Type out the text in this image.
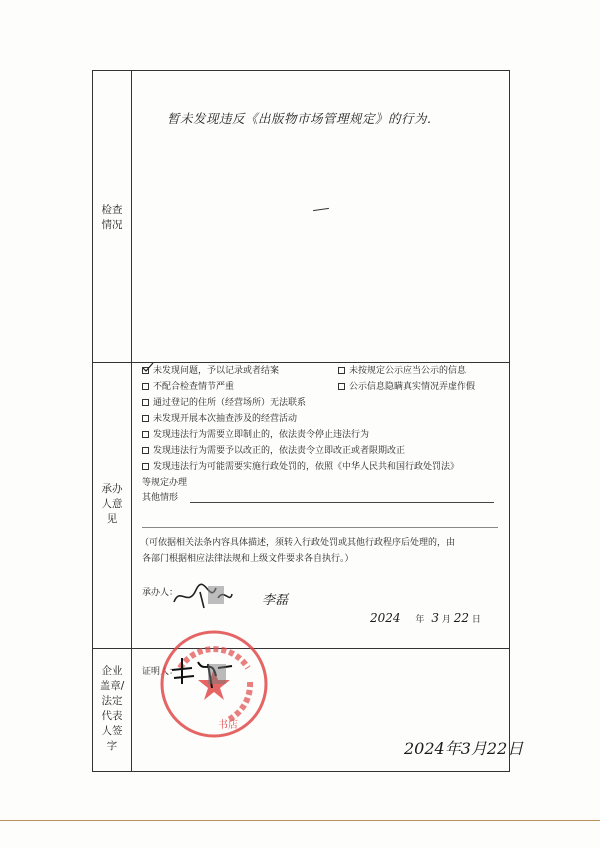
检查
情况
暂未发现违反《出版物市场管理规定》的行为.
承办
人意
见
未发现问题，予以记录或者结案
不配合检查情节严重
通过登记的住所（经营场所）无法联系
未发现开展本次抽查涉及的经营活动
发现违法行为需要立即制止的，依法责令停止违法行为
发现违法行为需要予以改正的，依法责令立即改正或者限期改正
发现违法行为可能需要实施行政处罚的，依照《中华人民共和国行政处罚法》
等规定办理
未按规定公示应当公示的信息
公示信息隐瞒真实情况弄虚作假
其他情形
（可依据相关法条内容具体描述，须转入行政处罚或其他行政程序后处理的，由
各部门根据相应法律法规和上级文件要求各自执行。）
承办人：	李磊
2024 年 3 月 22 日
企业
盖章/
法定
代表
人签
字
证明人：
书店
2024年3月22日
